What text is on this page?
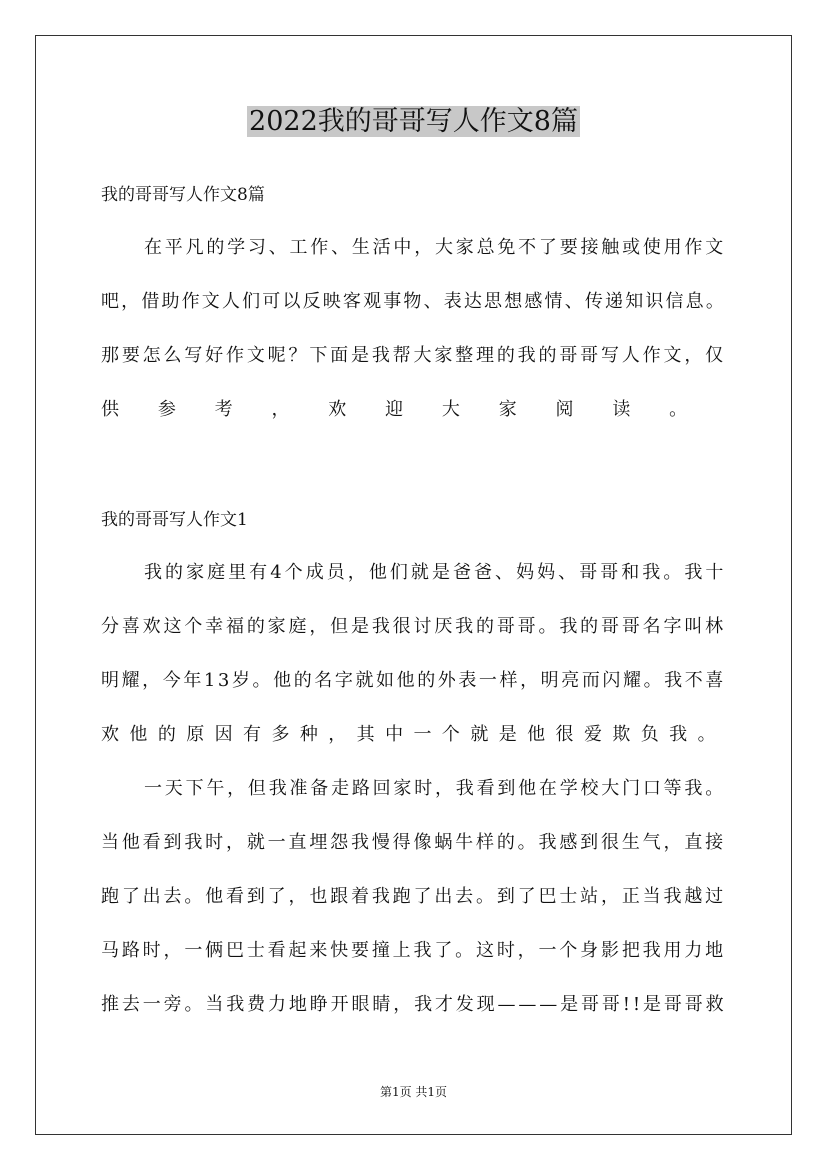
2022我的哥哥写人作文8篇

我的哥哥写人作文8篇

在平凡的学习、工作、生活中，大家总免不了要接触或使用作文

吧，借助作文人们可以反映客观事物、表达思想感情、传递知识信息。

那要怎么写好作文呢？下面是我帮大家整理的我的哥哥写人作文，仅

供参考，欢迎大家阅读。

我的哥哥写人作文1

我的家庭里有4个成员，他们就是爸爸、妈妈、哥哥和我。我十

分喜欢这个幸福的家庭，但是我很讨厌我的哥哥。我的哥哥名字叫林

明耀，今年13岁。他的名字就如他的外表一样，明亮而闪耀。我不喜

欢他的原因有多种，其中一个就是他很爱欺负我。

一天下午，但我准备走路回家时，我看到他在学校大门口等我。

当他看到我时，就一直埋怨我慢得像蜗牛样的。我感到很生气，直接

跑了出去。他看到了，也跟着我跑了出去。到了巴士站，正当我越过

马路时，一俩巴士看起来快要撞上我了。这时，一个身影把我用力地

推去一旁。当我费力地睁开眼睛，我才发现———是哥哥!!是哥哥救

第1页 共1页
